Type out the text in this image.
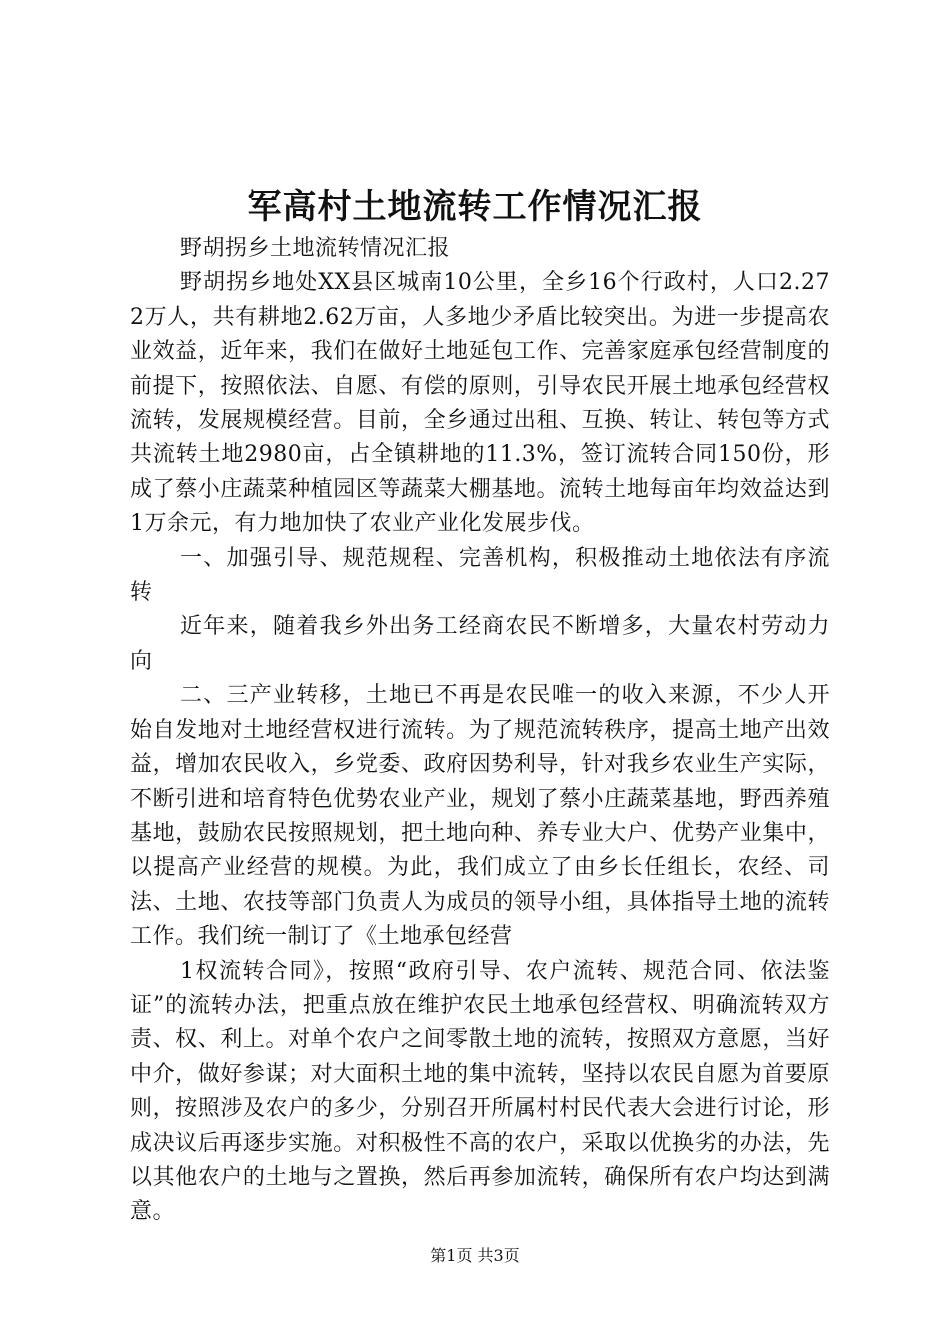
军高村土地流转工作情况汇报

野胡拐乡土地流转情况汇报

野胡拐乡地处XX县区城南10公里，全乡16个行政村，人口2.272万人，共有耕地2.62万亩，人多地少矛盾比较突出。为进一步提高农业效益，近年来，我们在做好土地延包工作、完善家庭承包经营制度的前提下，按照依法、自愿、有偿的原则，引导农民开展土地承包经营权流转，发展规模经营。目前，全乡通过出租、互换、转让、转包等方式共流转土地2980亩，占全镇耕地的11.3%，签订流转合同150份，形成了蔡小庄蔬菜种植园区等蔬菜大棚基地。流转土地每亩年均效益达到1万余元，有力地加快了农业产业化发展步伐。

一、加强引导、规范规程、完善机构，积极推动土地依法有序流转

近年来，随着我乡外出务工经商农民不断增多，大量农村劳动力向

二、三产业转移，土地已不再是农民唯一的收入来源，不少人开始自发地对土地经营权进行流转。为了规范流转秩序，提高土地产出效益，增加农民收入，乡党委、政府因势利导，针对我乡农业生产实际，不断引进和培育特色优势农业产业，规划了蔡小庄蔬菜基地，野西养殖基地，鼓励农民按照规划，把土地向种、养专业大户、优势产业集中，以提高产业经营的规模。为此，我们成立了由乡长任组长，农经、司法、土地、农技等部门负责人为成员的领导小组，具体指导土地的流转工作。我们统一制订了《土地承包经营

1权流转合同》，按照“政府引导、农户流转、规范合同、依法鉴证”的流转办法，把重点放在维护农民土地承包经营权、明确流转双方责、权、利上。对单个农户之间零散土地的流转，按照双方意愿，当好中介，做好参谋；对大面积土地的集中流转，坚持以农民自愿为首要原则，按照涉及农户的多少，分别召开所属村村民代表大会进行讨论，形成决议后再逐步实施。对积极性不高的农户，采取以优换劣的办法，先以其他农户的土地与之置换，然后再参加流转，确保所有农户均达到满意。

第1页 共3页
